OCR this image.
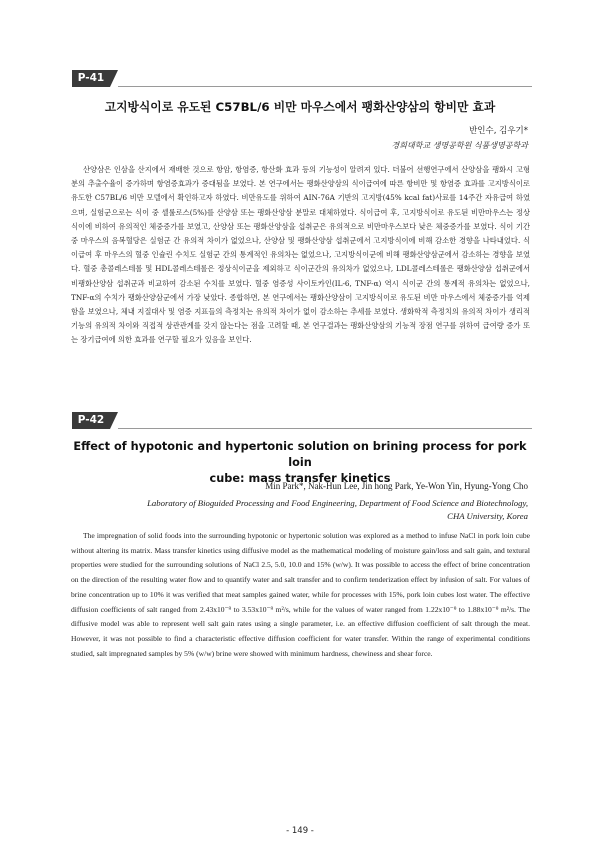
P-41
고지방식이로 유도된 C57BL/6 비만 마우스에서 팽화산양삼의 항비만 효과
반인수, 김우기*
경희대학교 생명공학원 식품생명공학과
산양삼은 인삼을 산지에서 재배한 것으로 항암, 항염증, 항산화 효과 등의 기능성이 알려져 있다. 더불어 선행연구에서 산양삼을 팽화시 고형분의 추출수율이 증가하며 항염증효과가 증대됨을 보였다. 본 연구에서는 팽화산양삼의 식이급여에 따른 항비만 및 항염증 효과를 고지방식이로 유도한 C57BL/6 비만 모델에서 확인하고자 하였다. 비만유도를 위하여 AIN-76A 기반의 고지방(45% kcal fat)사료를 14주간 자유급여 하였으며, 실험군으로는 식이 중 셀룰로스(5%)를 산양삼 또는 팽화산양삼 분말로 대체하였다. 식이급여 후, 고지방식이로 유도된 비만마우스는 정상식이에 비하여 유의적인 체중증가를 보였고, 산양삼 또는 팽화산양삼을 섭취군은 유의적으로 비만마우스보다 낮은 체중증가를 보였다. 식이 기간 중 마우스의 음복혈당은 실험군 간 유의적 차이가 없었으나, 산양삼 및 팽화산양삼 섭취군에서 고지방식이에 비해 감소한 경향을 나타내었다. 식이급여 후 마우스의 혈중 인슐린 수치도 실험군 간의 통계적인 유의차는 없었으나, 고지방식이군에 비해 팽화산양삼군에서 감소하는 경향을 보였다. 혈중 총콜레스테롤 및 HDL콜레스테롤은 정상식이군을 제외하고 식이군간의 유의차가 없었으나, LDL콜레스테롤은 팽화산양삼 섭취군에서 비팽화산양삼 섭취군과 비교하여 감소된 수치를 보였다. 혈중 염증성 사이토카인(IL-6, TNF-α) 역시 식이군 간의 통계적 유의차는 없었으나, TNF-α의 수치가 팽화산양삼군에서 가장 낮았다. 종합하면, 본 연구에서는 팽화산양삼이 고지방식이로 유도된 비만 마우스에서 체중증가를 억제함을 보였으나, 체내 지질대사 및 염증 지표들의 측정치는 유의적 차이가 없이 감소하는 추세를 보였다. 생화학적 측정치의 유의적 차이가 생리적 기능의 유의적 차이와 직접적 상관관계를 갖지 않는다는 점을 고려할 때, 본 연구결과는 팽화산양삼의 기능적 장점 연구를 위하여 급여량 증가 또는 장기급여에 의한 효과를 연구할 필요가 있음을 보인다.
P-42
Effect of hypotonic and hypertonic solution on brining process for pork loin
cube: mass transfer kinetics
Min Park*, Nak-Hun Lee, Jin hong Park, Ye-Won Yin, Hyung-Yong Cho
Laboratory of Bioguided Processing and Food Engineering, Department of Food Science and Biotechnology,
CHA University, Korea
The impregnation of solid foods into the surrounding hypotonic or hypertonic solution was explored as a method to infuse NaCl in pork loin cube without altering its matrix. Mass transfer kinetics using diffusive model as the mathematical modeling of moisture gain/loss and salt gain, and textural properties were studied for the surrounding solutions of NaCl 2.5, 5.0, 10.0 and 15% (w/w). It was possible to access the effect of brine concentration on the direction of the resulting water flow and to quantify water and salt transfer and to confirm tenderization effect by infusion of salt. For values of brine concentration up to 10% it was verified that meat samples gained water, while for processes with 15%, pork loin cubes lost water. The effective diffusion coefficients of salt ranged from 2.43x10⁻⁹ to 3.53x10⁻⁹ m²/s, while for the values of water ranged from 1.22x10⁻⁹ to 1.88x10⁻⁹ m²/s. The diffusive model was able to represent well salt gain rates using a single parameter, i.e. an effective diffusion coefficient of salt through the meat. However, it was not possible to find a characteristic effective diffusion coefficient for water transfer. Within the range of experimental conditions studied, salt impregnated samples by 5% (w/w) brine were showed with minimum hardness, chewiness and shear force.
- 149 -
